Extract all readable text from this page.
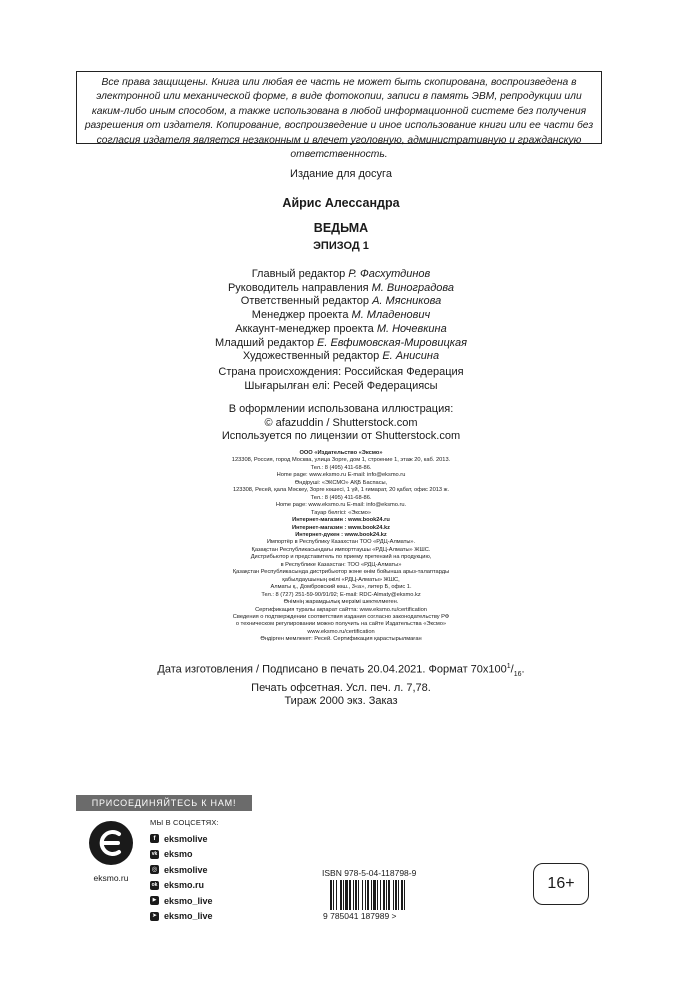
Все права защищены. Книга или любая ее часть не может быть скопирована, воспроизведена в электронной или механической форме, в виде фотокопии, записи в память ЭВМ, репродукции или каким-либо иным способом, а также использована в любой информационной системе без получения разрешения от издателя. Копирование, воспроизведение и иное использование книги или ее части без согласия издателя является незаконным и влечет уголовную, административную и гражданскую ответственность.
Издание для досуга
Айрис Алессандра
ВЕДЬМА
ЭПИЗОД 1
Главный редактор Р. Фасхутдинов
Руководитель направления М. Виноградова
Ответственный редактор А. Мясникова
Менеджер проекта М. Младенович
Аккаунт-менеджер проекта М. Ночевкина
Младший редактор Е. Евфимовская-Мировицкая
Художественный редактор Е. Анисина
Страна происхождения: Российская Федерация
Шығарылған елі: Ресей Федерациясы
В оформлении использована иллюстрация:
© afazuddin / Shutterstock.com
Используется по лицензии от Shutterstock.com
ООО «Издательство «Эксмо»
123308, Россия, город Москва, улица Зорге, дом 1, строение 1, этаж 20, каб. 2013.
Тел.: 8 (495) 411-68-86.
Home page: www.eksmo.ru E-mail: info@eksmo.ru
Өндіруші: «ЭКСМО» АҚБ Баспасы,
123308, Ресей, қала Мәскеу, Зорге көшесі, 1 үй, 1 ғимарат, 20 қабат, офис 2013 ж.
Тел.: 8 (495) 411-68-86.
Home page: www.eksmo.ru E-mail: info@eksmo.ru.
Тауар белгісі: «Эксмо»
Интернет-магазин : www.book24.ru
Интернет-магазин : www.book24.kz
Интернет-дүкен : www.book24.kz
Импортёр в Республику Казахстан ТОО «РДЦ-Алматы».
Қазақстан Республикасындағы импорттаушы «РДЦ-Алматы» ЖШС.
Дистрибьютор и представитель по приему претензий на продукцию,
в Республике Казахстан: ТОО «РДЦ-Алматы»
Қазақстан Республикасында дистрибьютор және өнім бойынша арыз-талаптарды
қабылдаушының өкілі «РДЦ-Алматы» ЖШС,
Алматы қ., Домбровский көш., 3«а», литер Б, офис 1.
Тел.: 8 (727) 251-59-90/91/92; E-mail: RDC-Almaty@eksmo.kz
Өнімнің жарамдылық мерзімі шектелмеген.
Сертификация туралы ақпарат сайтта: www.eksmo.ru/certification
Сведения о подтверждении соответствия издания согласно законодательству РФ
о техническом регулировании можно получить на сайте Издательства «Эксмо»
www.eksmo.ru/certification
Өндірген мемлекет: Ресей. Сертификация қарастырылмаған
Дата изготовления / Подписано в печать 20.04.2021. Формат $70x100^1/_{16}$.
Печать офсетная. Усл. печ. л. 7,78.
Тираж 2000 экз. Заказ
ПРИСОЕДИНЯЙТЕСЬ К НАМ!
eksmo.ru
МЫ В СОЦСЕТЯХ:
f eksmolive
vk eksmo
◎ eksmolive
ok eksmo.ru
▶ eksmo_live
➤ eksmo_live
ISBN 978-5-04-118798-9
9 785041 187989 >
16+
